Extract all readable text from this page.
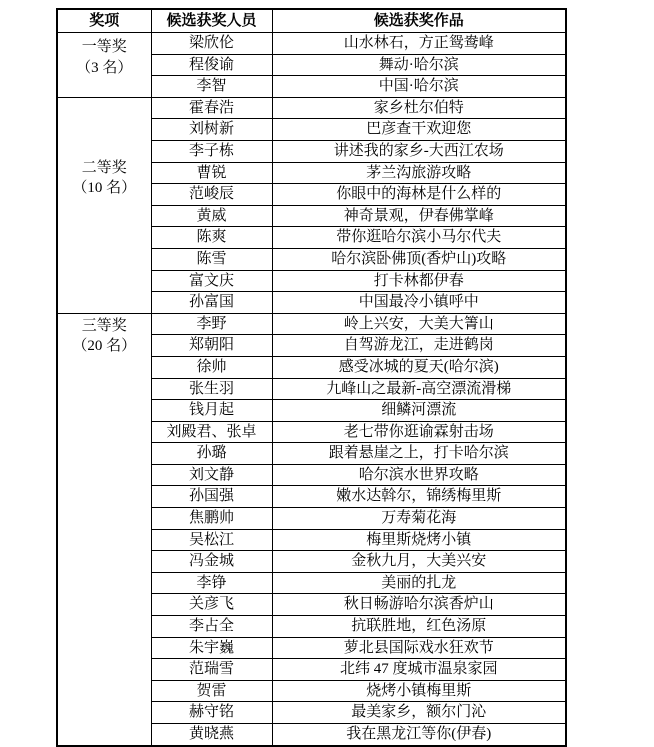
奖项	候选获奖人员	候选获奖作品

一等奖
（3 名）	梁欣伦	山水林石，方正鸳鸯峰
	程俊谕	舞动·哈尔滨
	李智	中国·哈尔滨

二等奖
（10 名）	霍春浩	家乡杜尔伯特
	刘树新	巴彦查干欢迎您
	李子栋	讲述我的家乡-大西江农场
	曹锐	茅兰沟旅游攻略
	范峻辰	你眼中的海林是什么样的
	黄威	神奇景观，伊春佛掌峰
	陈爽	带你逛哈尔滨小马尔代夫
	陈雪	哈尔滨卧佛顶(香炉山)攻略
	富文庆	打卡林都伊春
	孙富国	中国最冷小镇呼中

三等奖
（20 名）	李野	岭上兴安，大美大箐山
	郑朝阳	自驾游龙江，走进鹤岗
	徐帅	感受冰城的夏天(哈尔滨)
	张生羽	九峰山之最新-高空漂流滑梯
	钱月起	细鳞河漂流
	刘殿君、张卓	老七带你逛谕霖射击场
	孙璐	跟着悬崖之上，打卡哈尔滨
	刘文静	哈尔滨水世界攻略
	孙国强	嫩水达斡尔，锦绣梅里斯
	焦鹏帅	万寿菊花海
	吴松江	梅里斯烧烤小镇
	冯金城	金秋九月，大美兴安
	李铮	美丽的扎龙
	关彦飞	秋日畅游哈尔滨香炉山
	李占全	抗联胜地，红色汤原
	朱宇巍	萝北县国际戏水狂欢节
	范瑞雪	北纬 47 度城市温泉家园
	贺雷	烧烤小镇梅里斯
	赫守铭	最美家乡，额尔门沁
	黄晓燕	我在黑龙江等你(伊春)
